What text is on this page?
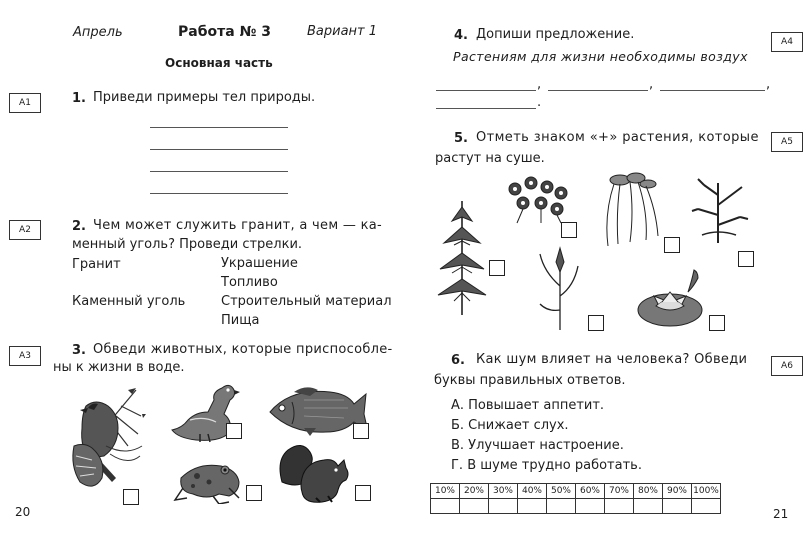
Апрель	Работа № 3	Вариант 1
Основная часть
А1	1. Приведи примеры тел природы.
А2	2. Чем может служить гранит, а чем — ка-
менный уголь? Проведи стрелки.
Гранит
Каменный уголь
Украшение
Топливо
Строительный материал
Пища
А3	3. Обведи животных, которые приспособле-
ны к жизни в воде.
20
А4
4. Допиши предложение.
Растениям для жизни необходимы воздух
,	,	,
.
А5
5. Отметь знаком «+» растения, которые
растут на суше.
А6
6. Как шум влияет на человека? Обведи
буквы правильных ответов.
А. Повышает аппетит.
Б. Снижает слух.
В. Улучшает настроение.
Г. В шуме трудно работать.
10%	20%	30%	40%	50%	60%	70%	80%	90%	100%

21
